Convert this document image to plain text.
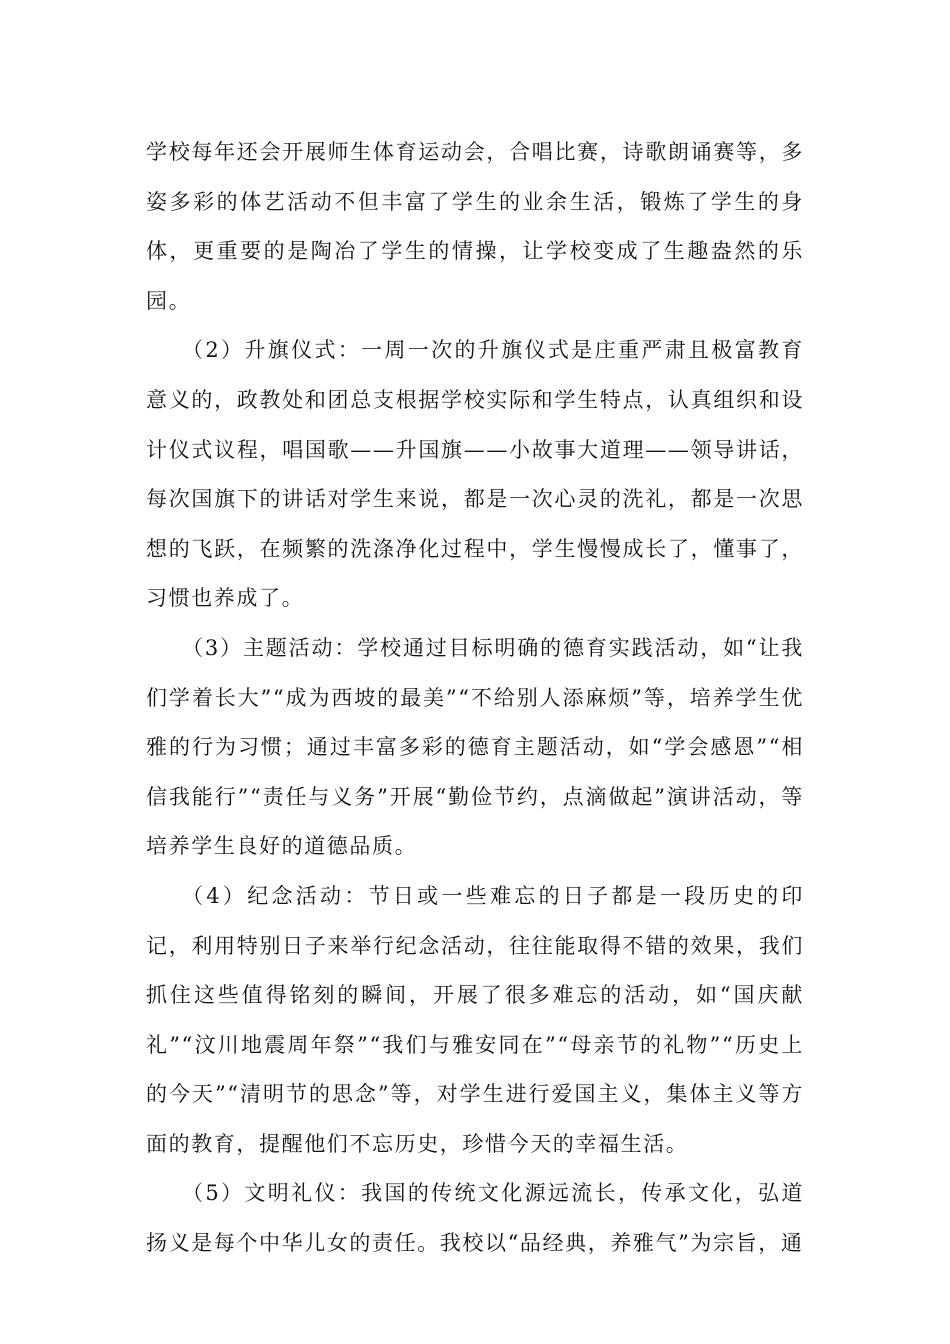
学校每年还会开展师生体育运动会，合唱比赛，诗歌朗诵赛等，多姿多彩的体艺活动不但丰富了学生的业余生活，锻炼了学生的身体，更重要的是陶冶了学生的情操，让学校变成了生趣盎然的乐园。

（2）升旗仪式：一周一次的升旗仪式是庄重严肃且极富教育意义的，政教处和团总支根据学校实际和学生特点，认真组织和设计仪式议程，唱国歌——升国旗——小故事大道理——领导讲话，每次国旗下的讲话对学生来说，都是一次心灵的洗礼，都是一次思想的飞跃，在频繁的洗涤净化过程中，学生慢慢成长了，懂事了，习惯也养成了。

（3）主题活动：学校通过目标明确的德育实践活动，如“让我们学着长大”“成为西坡的最美”“不给别人添麻烦”等，培养学生优雅的行为习惯；通过丰富多彩的德育主题活动，如“学会感恩”“相信我能行”“责任与义务”开展“勤俭节约，点滴做起”演讲活动，等培养学生良好的道德品质。

（4）纪念活动：节日或一些难忘的日子都是一段历史的印记，利用特别日子来举行纪念活动，往往能取得不错的效果，我们抓住这些值得铭刻的瞬间，开展了很多难忘的活动，如“国庆献礼”“汶川地震周年祭”“我们与雅安同在”“母亲节的礼物”“历史上的今天”“清明节的思念”等，对学生进行爱国主义，集体主义等方面的教育，提醒他们不忘历史，珍惜今天的幸福生活。

（5）文明礼仪：我国的传统文化源远流长，传承文化，弘道扬义是每个中华儿女的责任。我校以“品经典，养雅气”为宗旨，通
